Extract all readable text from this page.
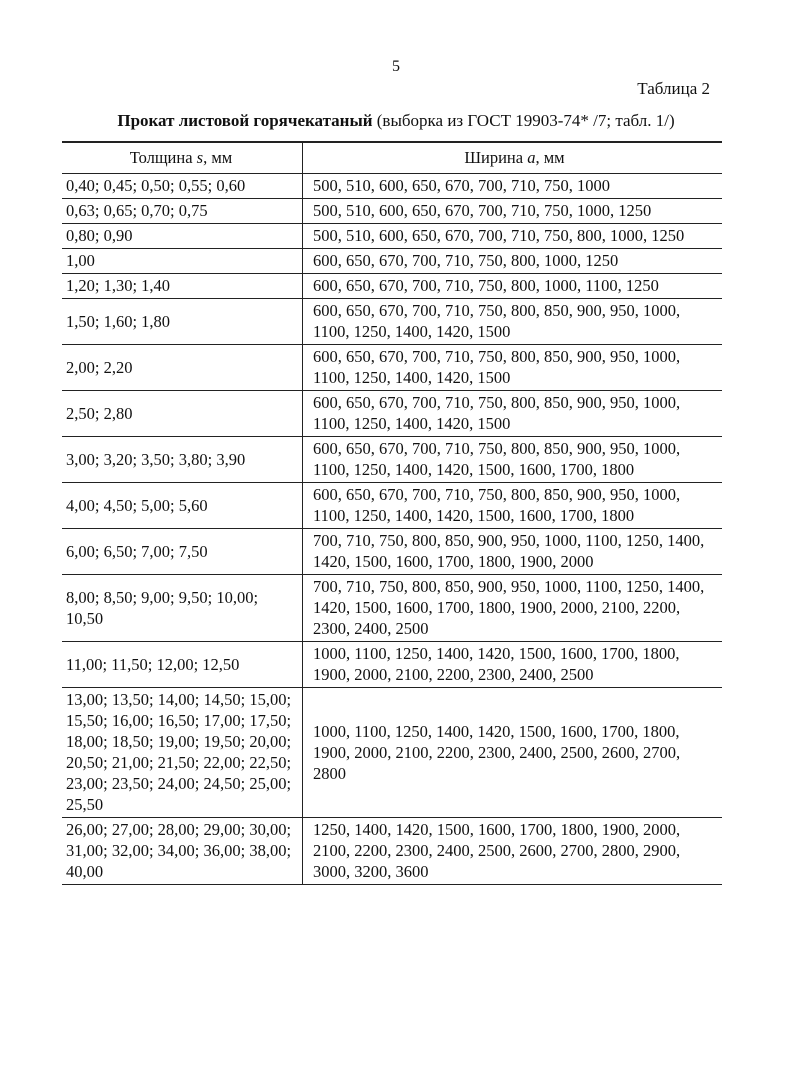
5
Таблица 2
Прокат листовой горячекатаный (выборка из ГОСТ 19903-74* /7; табл. 1/)
Толщина s, мм	Ширина a, мм
0,40; 0,45; 0,50; 0,55; 0,60	500, 510, 600, 650, 670, 700, 710, 750, 1000
0,63; 0,65; 0,70; 0,75	500, 510, 600, 650, 670, 700, 710, 750, 1000, 1250
0,80; 0,90	500, 510, 600, 650, 670, 700, 710, 750, 800, 1000, 1250
1,00	600, 650, 670, 700, 710, 750, 800, 1000, 1250
1,20; 1,30; 1,40	600, 650, 670, 700, 710, 750, 800, 1000, 1100, 1250
1,50; 1,60; 1,80	600, 650, 670, 700, 710, 750, 800, 850, 900, 950, 1000, 1100, 1250, 1400, 1420, 1500
2,00; 2,20	600, 650, 670, 700, 710, 750, 800, 850, 900, 950, 1000, 1100, 1250, 1400, 1420, 1500
2,50; 2,80	600, 650, 670, 700, 710, 750, 800, 850, 900, 950, 1000, 1100, 1250, 1400, 1420, 1500
3,00; 3,20; 3,50; 3,80; 3,90	600, 650, 670, 700, 710, 750, 800, 850, 900, 950, 1000, 1100, 1250, 1400, 1420, 1500, 1600, 1700, 1800
4,00; 4,50; 5,00; 5,60	600, 650, 670, 700, 710, 750, 800, 850, 900, 950, 1000, 1100, 1250, 1400, 1420, 1500, 1600, 1700, 1800
6,00; 6,50; 7,00; 7,50	700, 710, 750, 800, 850, 900, 950, 1000, 1100, 1250, 1400, 1420, 1500, 1600, 1700, 1800, 1900, 2000
8,00; 8,50; 9,00; 9,50; 10,00; 10,50	700, 710, 750, 800, 850, 900, 950, 1000, 1100, 1250, 1400, 1420, 1500, 1600, 1700, 1800, 1900, 2000, 2100, 2200, 2300, 2400, 2500
11,00; 11,50; 12,00; 12,50	1000, 1100, 1250, 1400, 1420, 1500, 1600, 1700, 1800, 1900, 2000, 2100, 2200, 2300, 2400, 2500
13,00; 13,50; 14,00; 14,50; 15,00; 15,50; 16,00; 16,50; 17,00; 17,50; 18,00; 18,50; 19,00; 19,50; 20,00; 20,50; 21,00; 21,50; 22,00; 22,50; 23,00; 23,50; 24,00; 24,50; 25,00; 25,50	1000, 1100, 1250, 1400, 1420, 1500, 1600, 1700, 1800, 1900, 2000, 2100, 2200, 2300, 2400, 2500, 2600, 2700, 2800
26,00; 27,00; 28,00; 29,00; 30,00; 31,00; 32,00; 34,00; 36,00; 38,00; 40,00	1250, 1400, 1420, 1500, 1600, 1700, 1800, 1900, 2000, 2100, 2200, 2300, 2400, 2500, 2600, 2700, 2800, 2900, 3000, 3200, 3600
